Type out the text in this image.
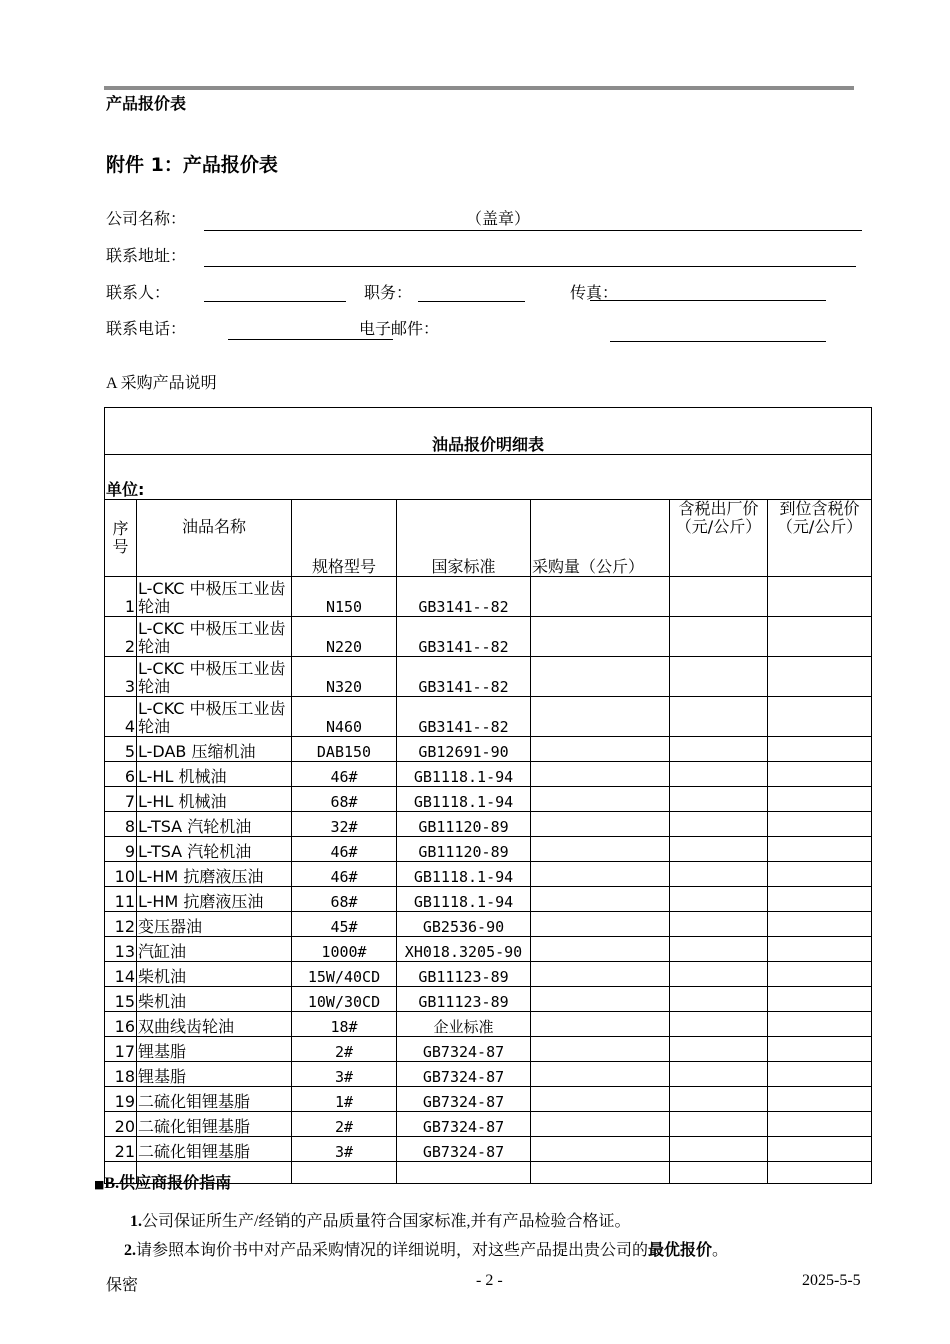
产品报价表
附件 1：产品报价表
公司名称：	（盖章）
联系地址：
联系人：	职务：	传真：
联系电话：	电子邮件：
A 采购产品说明
油品报价明细表						
单位:						
序号	油品名称	规格型号	国家标准	采购量（公斤）	含税出厂价（元/公斤）	到位含税价（元/公斤）
1	L-CKC 中极压工业齿轮油	N150	GB3141--82			
2	L-CKC 中极压工业齿轮油	N220	GB3141--82			
3	L-CKC 中极压工业齿轮油	N320	GB3141--82			
4	L-CKC 中极压工业齿轮油	N460	GB3141--82			
5	L-DAB 压缩机油	DAB150	GB12691-90			
6	L-HL 机械油	46#	GB1118.1-94			
7	L-HL 机械油	68#	GB1118.1-94			
8	L-TSA 汽轮机油	32#	GB11120-89			
9	L-TSA 汽轮机油	46#	GB11120-89			
10	L-HM 抗磨液压油	46#	GB1118.1-94			
11	L-HM 抗磨液压油	68#	GB1118.1-94			
12	变压器油	45#	GB2536-90			
13	汽缸油	1000#	XH018.3205-90			
14	柴机油	15W/40CD	GB11123-89			
15	柴机油	10W/30CD	GB11123-89			
16	双曲线齿轮油	18#	企业标准			
17	锂基脂	2#	GB7324-87			
18	锂基脂	3#	GB7324-87			
19	二硫化钼锂基脂	1#	GB7324-87			
20	二硫化钼锂基脂	2#	GB7324-87			
21	二硫化钼锂基脂	3#	GB7324-87			

■B.供应商报价指南
1.公司保证所生产/经销的产品质量符合国家标准,并有产品检验合格证。
2.请参照本询价书中对产品采购情况的详细说明，对这些产品提出贵公司的最优报价。
保密	- 2 -	2025-5-5
